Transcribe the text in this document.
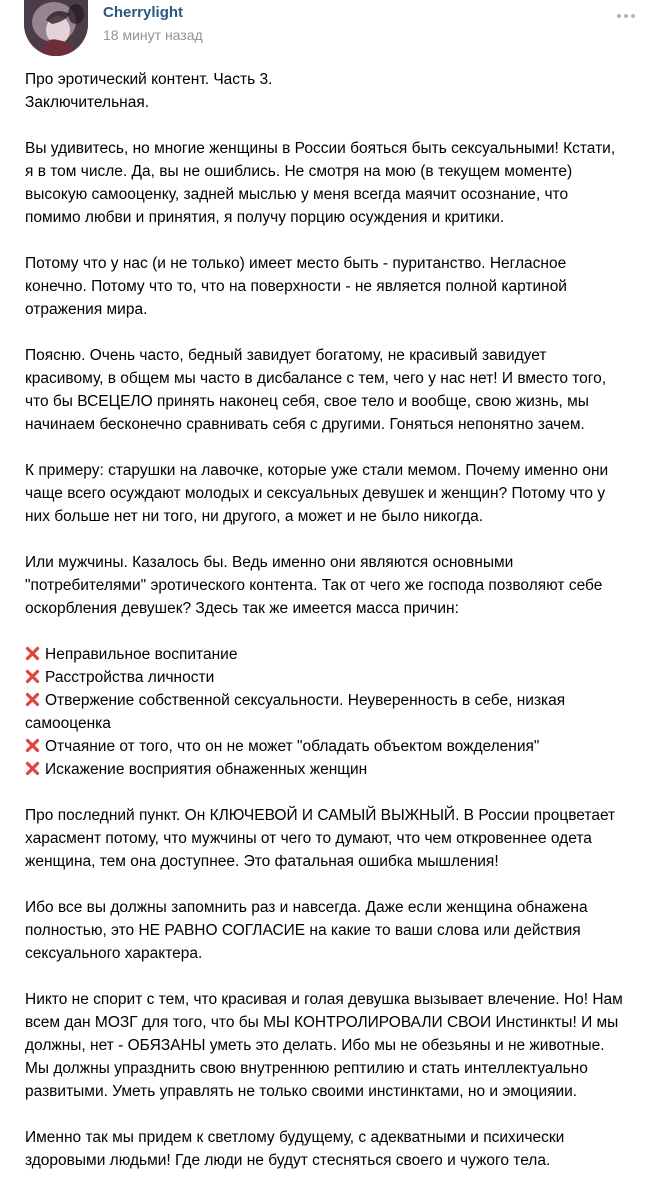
Cherrylight
18 минут назад
Про эротический контент. Часть 3.
Заключительная.
Вы удивитесь, но многие женщины в России бояться быть сексуальными! Кстати,
я в том числе. Да, вы не ошиблись. Не смотря на мою (в текущем моменте)
высокую самооценку, задней мыслью у меня всегда маячит осознание, что
помимо любви и принятия, я получу порцию осуждения и критики.
Потому что у нас (и не только) имеет место быть - пуританство. Негласное
конечно. Потому что то, что на поверхности - не является полной картиной
отражения мира.
Поясню. Очень часто, бедный завидует богатому, не красивый завидует
красивому, в общем мы часто в дисбалансе с тем, чего у нас нет! И вместо того,
что бы ВСЕЦЕЛО принять наконец себя, свое тело и вообще, свою жизнь, мы
начинаем бесконечно сравнивать себя с другими. Гоняться непонятно зачем.
К примеру: старушки на лавочке, которые уже стали мемом. Почему именно они
чаще всего осуждают молодых и сексуальных девушек и женщин? Потому что у
них больше нет ни того, ни другого, а может и не было никогда.
Или мужчины. Казалось бы. Ведь именно они являются основными
"потребителями" эротического контента. Так от чего же господа позволяют себе
оскорбления девушек? Здесь так же имеется масса причин:
Неправильное воспитание
Расстройства личности
Отвержение собственной сексуальности. Неуверенность в себе, низкая
самооценка
Отчаяние от того, что он не может "обладать объектом вожделения"
Искажение восприятия обнаженных женщин
Про последний пункт. Он КЛЮЧЕВОЙ И САМЫЙ ВЫЖНЫЙ. В России процветает
харасмент потому, что мужчины от чего то думают, что чем откровеннее одета
женщина, тем она доступнее. Это фатальная ошибка мышления!
Ибо все вы должны запомнить раз и навсегда. Даже если женщина обнажена
полностью, это НЕ РАВНО СОГЛАСИЕ на какие то ваши слова или действия
сексуального характера.
Никто не спорит с тем, что красивая и голая девушка вызывает влечение. Но! Нам
всем дан МОЗГ для того, что бы МЫ КОНТРОЛИРОВАЛИ СВОИ Инстинкты! И мы
должны, нет - ОБЯЗАНЫ уметь это делать. Ибо мы не обезьяны и не животные.
Мы должны упразднить свою внутреннюю рептилию и стать интеллектуально
развитыми. Уметь управлять не только своими инстинктами, но и эмоцияии.
Именно так мы придем к светлому будущему, с адекватными и психически
здоровыми людьми! Где люди не будут стесняться своего и чужого тела.
